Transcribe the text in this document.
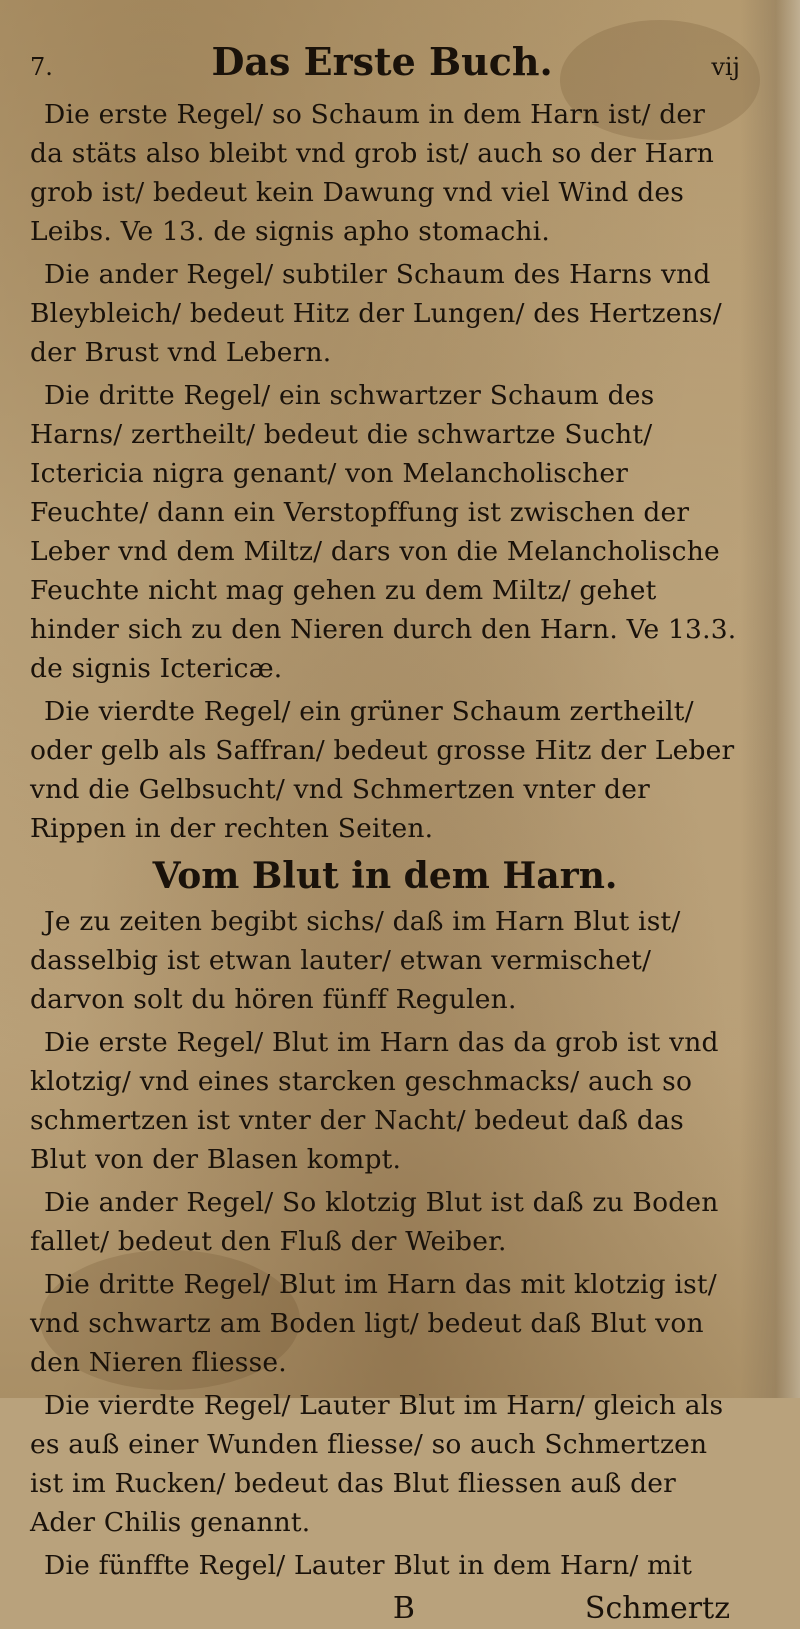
7.	Das Erste Buch.	vij

Die erste Regel/ so Schaum in dem Harn ist/ der da stäts also bleibt vnd grob ist/ auch so der Harn grob ist/ bedeut kein Dawung vnd viel Wind des Leibs. Ve 13. de signis apho stomachi.

Die ander Regel/ subtiler Schaum des Harns vnd Bleybleich/ bedeut Hitz der Lungen/ des Hertzens/ der Brust vnd Lebern.

Die dritte Regel/ ein schwartzer Schaum des Harns/ zertheilt/ bedeut die schwartze Sucht/ Ictericia nigra genant/ von Melancholischer Feuchte/ dann ein Verstopffung ist zwischen der Leber vnd dem Miltz/ dars von die Melancholische Feuchte nicht mag gehen zu dem Miltz/ gehet hinder sich zu den Nieren durch den Harn. Ve 13.3. de signis Ictericæ.

Die vierdte Regel/ ein grüner Schaum zertheilt/ oder gelb als Saffran/ bedeut grosse Hitz der Leber vnd die Gelbsucht/ vnd Schmertzen vnter der Rippen in der rechten Seiten.

Vom Blut in dem Harn.

Je zu zeiten begibt sichs/ daß im Harn Blut ist/ dasselbig ist etwan lauter/ etwan vermischet/ darvon solt du hören fünff Regulen.

Die erste Regel/ Blut im Harn das da grob ist vnd klotzig/ vnd eines starcken geschmacks/ auch so schmertzen ist vnter der Nacht/ bedeut daß das Blut von der Blasen kompt.

Die ander Regel/ So klotzig Blut ist daß zu Boden fallet/ bedeut den Fluß der Weiber.

Die dritte Regel/ Blut im Harn das mit klotzig ist/ vnd schwartz am Boden ligt/ bedeut daß Blut von den Nieren fliesse.

Die vierdte Regel/ Lauter Blut im Harn/ gleich als es auß einer Wunden fliesse/ so auch Schmertzen ist im Rucken/ bedeut das Blut fliessen auß der Ader Chilis genannt.

Die fünffte Regel/ Lauter Blut in dem Harn/ mit

B	Schmertz
